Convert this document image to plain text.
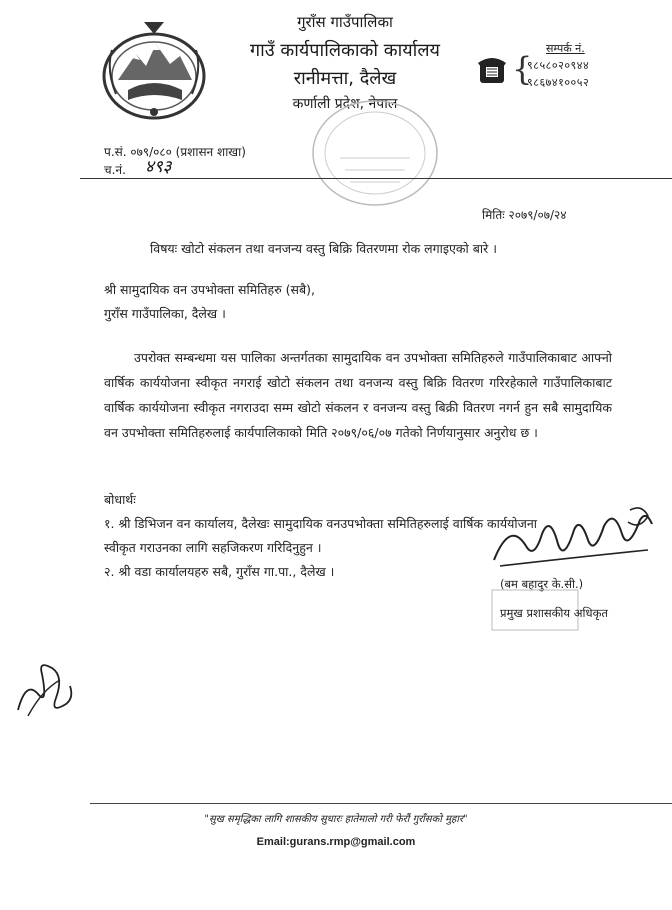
गुराँस गाउँपालिका
गाउँ कार्यपालिकाको कार्यालय
रानीमत्ता, दैलेख
कर्णाली प्रदेश, नेपाल
सम्पर्क नं.
{
९८५८०२०९४४
९८६७४१००५२
प.सं. ०७९/०८० (प्रशासन शाखा)
च.नं. ४९३
मितिः २०७९/०७/२४
विषयः खोटो संकलन तथा वनजन्य वस्तु बिक्रि वितरणमा रोक लगाइएको बारे ।
श्री सामुदायिक वन उपभोक्ता समितिहरु (सबै),
गुराँस गाउँपालिका, दैलेख ।
उपरोक्त सम्बन्धमा यस पालिका अन्तर्गतका सामुदायिक वन उपभोक्ता समितिहरुले गाउँपालिकाबाट आफ्नो वार्षिक कार्ययोजना स्वीकृत नगराई खोटो संकलन तथा वनजन्य वस्तु बिक्रि वितरण गरिरहेकाले गाउँपालिकाबाट वार्षिक कार्ययोजना स्वीकृत नगराउदा सम्म खोटो संकलन र वनजन्य वस्तु बिक्री वितरण नगर्न हुन सबै सामुदायिक वन उपभोक्ता समितिहरुलाई कार्यपालिकाको मिति २०७९/०६/०७ गतेको निर्णयानुसार अनुरोध छ ।
बोधार्थः
१. श्री डिभिजन वन कार्यालय, दैलेखः सामुदायिक वनउपभोक्ता समितिहरुलाई वार्षिक कार्ययोजना
स्वीकृत गराउनका लागि सहजिकरण गरिदिनुहुन ।
२. श्री वडा कार्यालयहरु सबै, गुराँस गा.पा., दैलेख ।
(बम बहादुर के.सी.)
प्रमुख प्रशासकीय अधिकृत
"सुख समृद्धिका लागि शासकीय सुधारः हातेमालो गरी फेरौं गुराँसको मुहार"
Email:gurans.rmp@gmail.com
